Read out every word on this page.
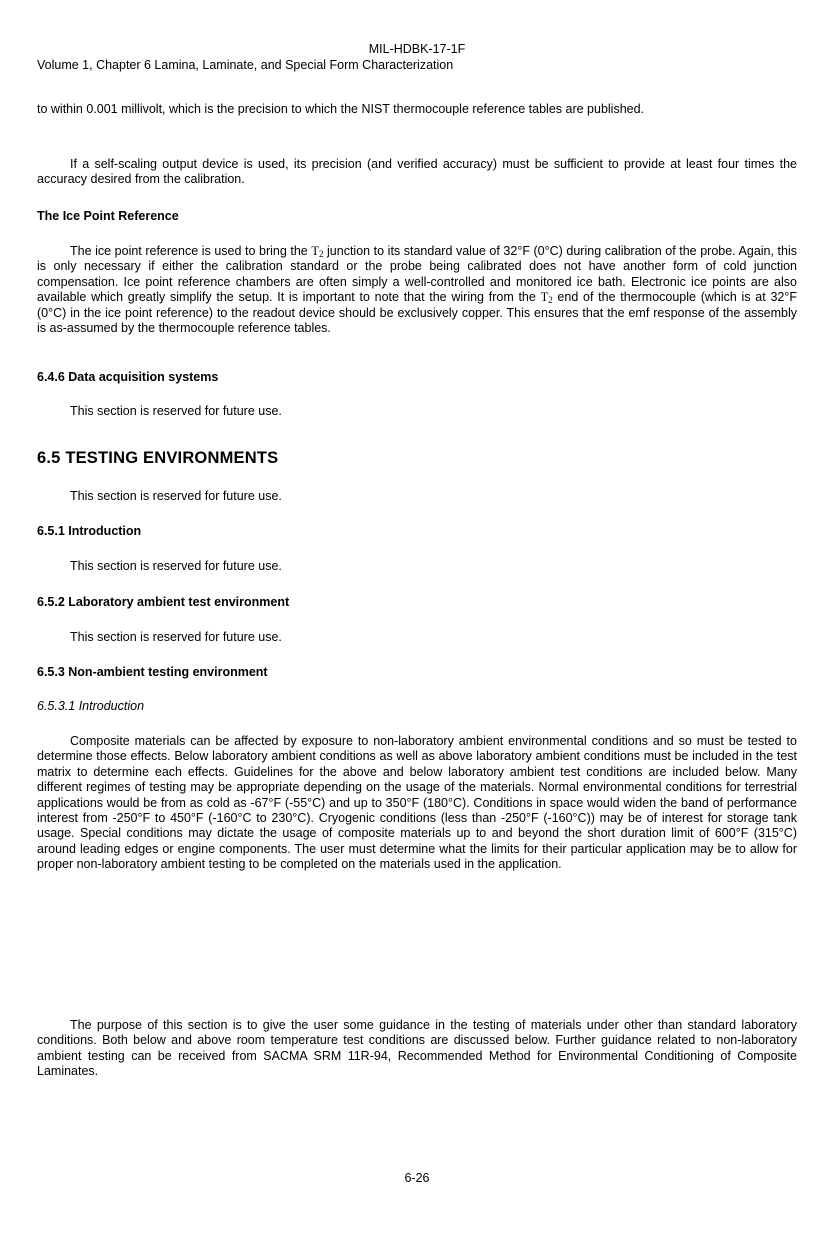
MIL-HDBK-17-1F
Volume 1, Chapter 6 Lamina, Laminate, and Special Form Characterization

to within 0.001 millivolt, which is the precision to which the NIST thermocouple reference tables are published.

If a self-scaling output device is used, its precision (and verified accuracy) must be sufficient to provide at least four times the accuracy desired from the calibration.

The Ice Point Reference

The ice point reference is used to bring the $T_2$ junction to its standard value of 32°F (0°C) during calibration of the probe. Again, this is only necessary if either the calibration standard or the probe being calibrated does not have another form of cold junction compensation. Ice point reference chambers are often simply a well-controlled and monitored ice bath. Electronic ice points are also available which greatly simplify the setup. It is important to note that the wiring from the $T_2$ end of the thermocouple (which is at 32°F (0°C) in the ice point reference) to the readout device should be exclusively copper. This ensures that the emf response of the assembly is as-assumed by the thermocouple reference tables.

6.4.6 Data acquisition systems

This section is reserved for future use.

6.5 TESTING ENVIRONMENTS

This section is reserved for future use.

6.5.1 Introduction

This section is reserved for future use.

6.5.2 Laboratory ambient test environment

This section is reserved for future use.

6.5.3 Non-ambient testing environment

6.5.3.1 Introduction

Composite materials can be affected by exposure to non-laboratory ambient environmental conditions and so must be tested to determine those effects. Below laboratory ambient conditions as well as above laboratory ambient conditions must be included in the test matrix to determine each effects. Guidelines for the above and below laboratory ambient test conditions are included below. Many different regimes of testing may be appropriate depending on the usage of the materials. Normal environmental conditions for terrestrial applications would be from as cold as -67°F (-55°C) and up to 350°F (180°C). Conditions in space would widen the band of performance interest from -250°F to 450°F (-160°C to 230°C). Cryogenic conditions (less than -250°F (-160°C)) may be of interest for storage tank usage. Special conditions may dictate the usage of composite materials up to and beyond the short duration limit of 600°F (315°C) around leading edges or engine components. The user must determine what the limits for their particular application may be to allow for proper non-laboratory ambient testing to be completed on the materials used in the application.

The purpose of this section is to give the user some guidance in the testing of materials under other than standard laboratory conditions. Both below and above room temperature test conditions are discussed below. Further guidance related to non-laboratory ambient testing can be received from SACMA SRM 11R-94, Recommended Method for Environmental Conditioning of Composite Laminates.

6-26
